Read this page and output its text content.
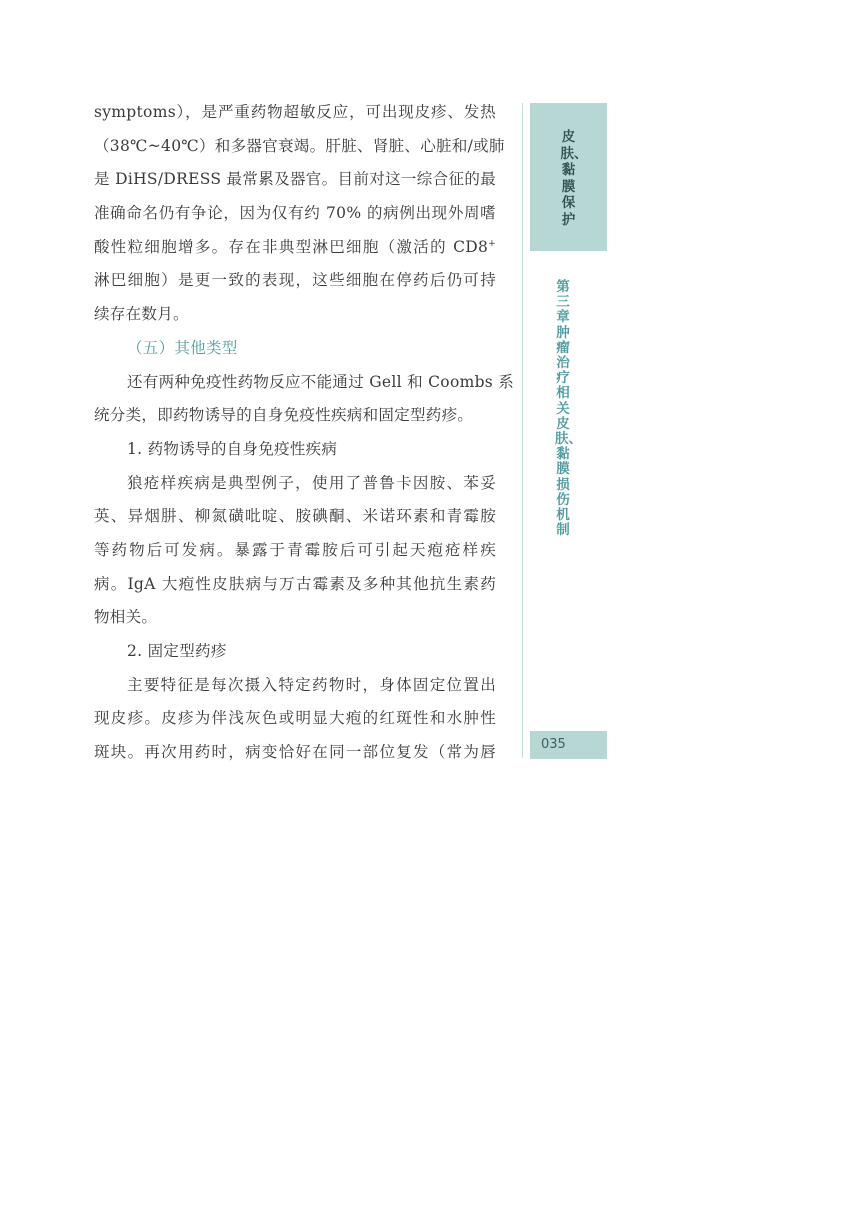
symptoms），是严重药物超敏反应，可出现皮疹、发热
（38℃~40℃）和多器官衰竭。肝脏、肾脏、心脏和/或肺
是 DiHS/DRESS 最常累及器官。目前对这一综合征的最
准确命名仍有争论，因为仅有约 70% 的病例出现外周嗜
酸性粒细胞增多。存在非典型淋巴细胞（激活的 CD8+
淋巴细胞）是更一致的表现，这些细胞在停药后仍可持
续存在数月。
（五）其他类型
还有两种免疫性药物反应不能通过 Gell 和 Coombs 系
统分类，即药物诱导的自身免疫性疾病和固定型药疹。
1. 药物诱导的自身免疫性疾病
狼疮样疾病是典型例子，使用了普鲁卡因胺、苯妥
英、异烟肼、柳氮磺吡啶、胺碘酮、米诺环素和青霉胺
等药物后可发病。暴露于青霉胺后可引起天疱疮样疾
病。IgA 大疱性皮肤病与万古霉素及多种其他抗生素药
物相关。
2. 固定型药疹
主要特征是每次摄入特定药物时，身体固定位置出
现皮疹。皮疹为伴浅灰色或明显大疱的红斑性和水肿性
斑块。再次用药时，病变恰好在同一部位复发（常为唇
皮肤、黏膜保护
第三章　肿瘤治疗相关皮肤、黏膜损伤机制
035
